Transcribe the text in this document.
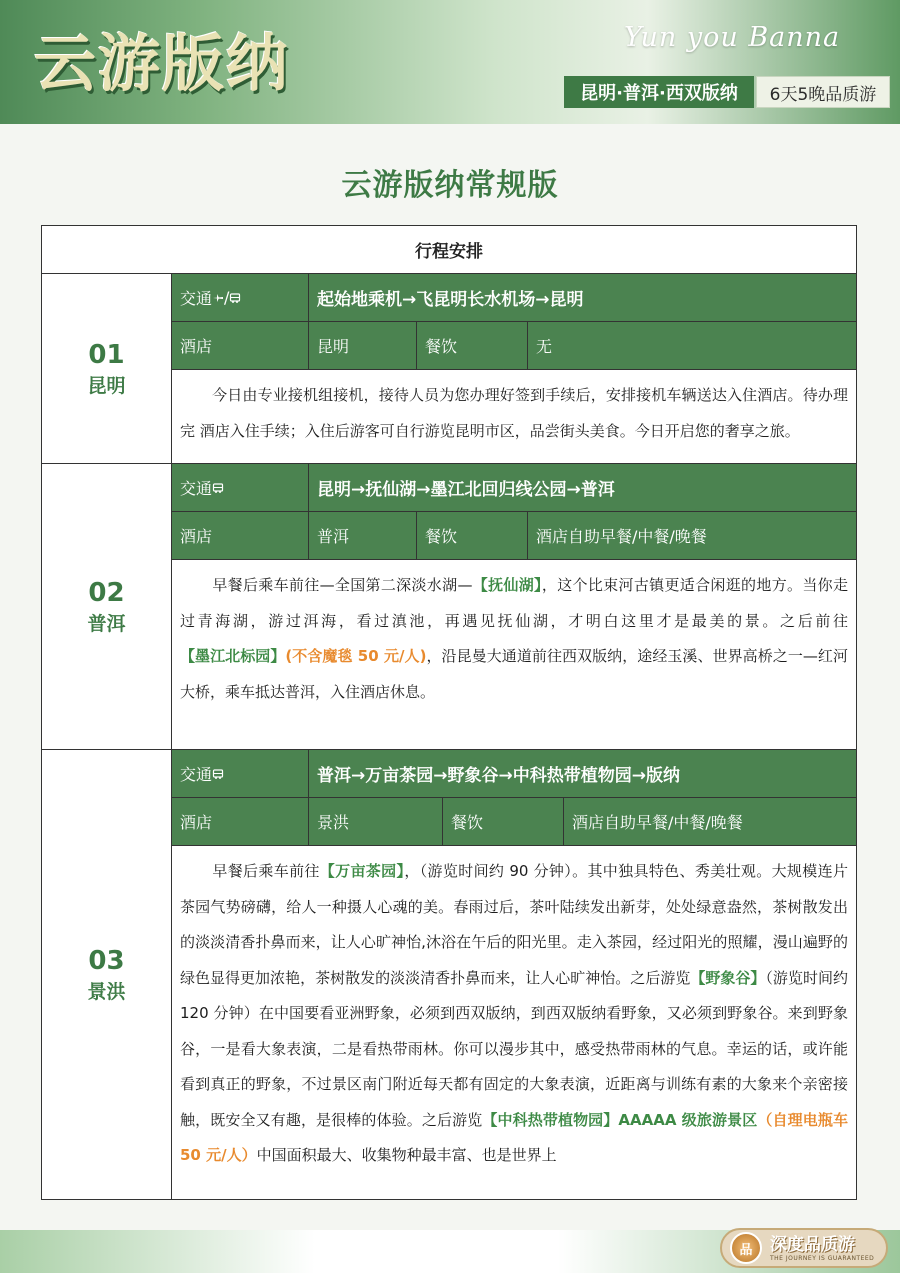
云游版纳	Yun you Banna
昆明·普洱·西双版纳	6天5晚品质游
云游版纳常规版
行程安排
01
昆明
交通 /	起始地乘机→飞昆明长水机场→昆明
酒店	昆明	餐饮	无
今日由专业接机组接机，接待人员为您办理好签到手续后，安排接机车辆送达入住酒店。待办理完 酒店入住手续；入住后游客可自行游览昆明市区，品尝街头美食。今日开启您的奢享之旅。
02
普洱
交通	昆明→抚仙湖→墨江北回归线公园→普洱
酒店	普洱	餐饮	酒店自助早餐/中餐/晚餐
早餐后乘车前往—全国第二深淡水湖—【抚仙湖】，这个比束河古镇更适合闲逛的地方。当你走过青海湖，游过洱海，看过滇池，再遇见抚仙湖，才明白这里才是最美的景。之后前往【墨江北标园】(不含魔毯 50 元/人)，沿昆曼大通道前往西双版纳，途经玉溪、世界高桥之一—红河大桥，乘车抵达普洱，入住酒店休息。
03
景洪
交通	普洱→万亩茶园→野象谷→中科热带植物园→版纳
酒店	景洪	餐饮	酒店自助早餐/中餐/晚餐
早餐后乘车前往【万亩茶园】，（游览时间约 90 分钟）。其中独具特色、秀美壮观。大规模连片茶园气势磅礴，给人一种摄人心魂的美。春雨过后，茶叶陆续发出新芽，处处绿意盎然，茶树散发出的淡淡清香扑鼻而来，让人心旷神怡,沐浴在午后的阳光里。走入茶园，经过阳光的照耀，漫山遍野的绿色显得更加浓艳，茶树散发的淡淡清香扑鼻而来，让人心旷神怡。之后游览【野象谷】（游览时间约 120 分钟）在中国要看亚洲野象，必须到西双版纳，到西双版纳看野象，又必须到野象谷。来到野象谷，一是看大象表演，二是看热带雨林。你可以漫步其中，感受热带雨林的气息。幸运的话，或许能看到真正的野象，不过景区南门附近每天都有固定的大象表演，近距离与训练有素的大象来个亲密接触，既安全又有趣，是很棒的体验。之后游览【中科热带植物园】AAAAA 级旅游景区（自理电瓶车 50 元/人）中国面积最大、收集物种最丰富、也是世界上
品	深度品质游
THE JOURNEY IS GUARANTEED
